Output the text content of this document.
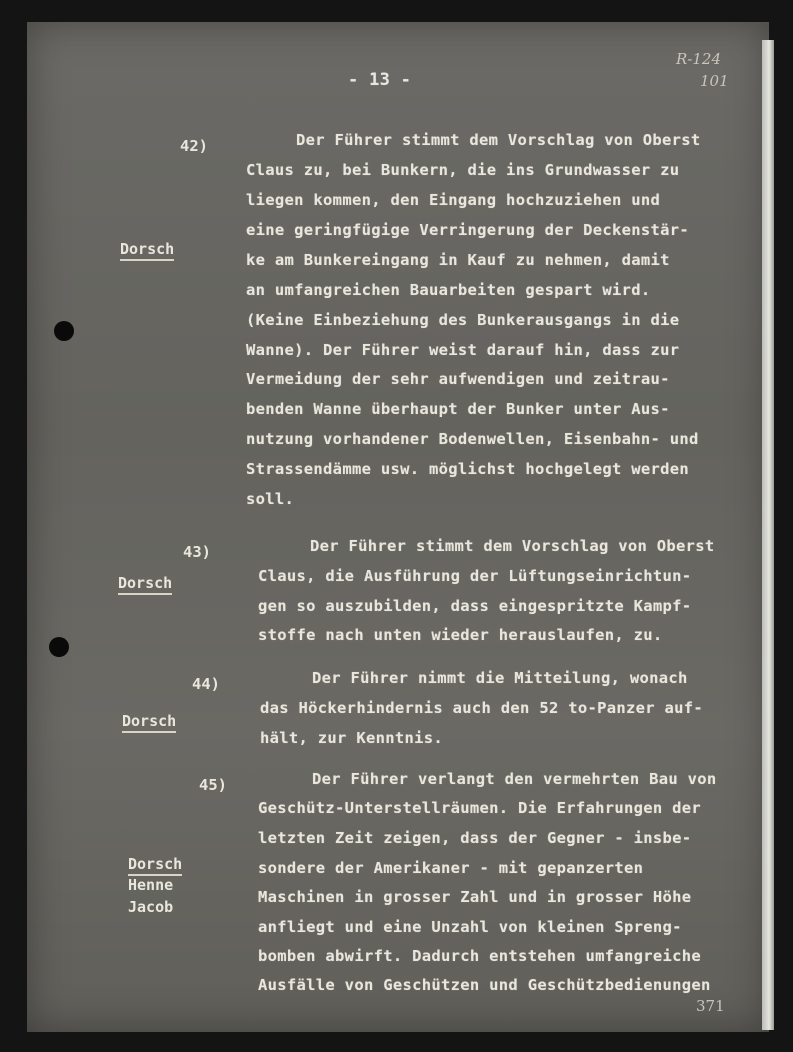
- 13 -
R-124
101
42)
Dorsch
Der Führer stimmt dem Vorschlag von Oberst
Claus zu, bei Bunkern, die ins Grundwasser zu
liegen kommen, den Eingang hochzuziehen und
eine geringfügige Verringerung der Deckenstär-
ke am Bunkereingang in Kauf zu nehmen, damit
an umfangreichen Bauarbeiten gespart wird.
(Keine Einbeziehung des Bunkerausgangs in die
Wanne). Der Führer weist darauf hin, dass zur
Vermeidung der sehr aufwendigen und zeitrau-
benden Wanne überhaupt der Bunker unter Aus-
nutzung vorhandener Bodenwellen, Eisenbahn- und
Strassendämme usw. möglichst hochgelegt werden
soll.
43)
Dorsch
Der Führer stimmt dem Vorschlag von Oberst
Claus, die Ausführung der Lüftungseinrichtun-
gen so auszubilden, dass eingespritzte Kampf-
stoffe nach unten wieder herauslaufen, zu.
44)
Dorsch
Der Führer nimmt die Mitteilung, wonach
das Höckerhindernis auch den 52 to-Panzer auf-
hält, zur Kenntnis.
45)
Dorsch
Henne
Jacob
Der Führer verlangt den vermehrten Bau von
Geschütz-Unterstellräumen. Die Erfahrungen der
letzten Zeit zeigen, dass der Gegner - insbe-
sondere der Amerikaner - mit gepanzerten
Maschinen in grosser Zahl und in grosser Höhe
anfliegt und eine Unzahl von kleinen Spreng-
bomben abwirft. Dadurch entstehen umfangreiche
Ausfälle von Geschützen und Geschützbedienungen
371
